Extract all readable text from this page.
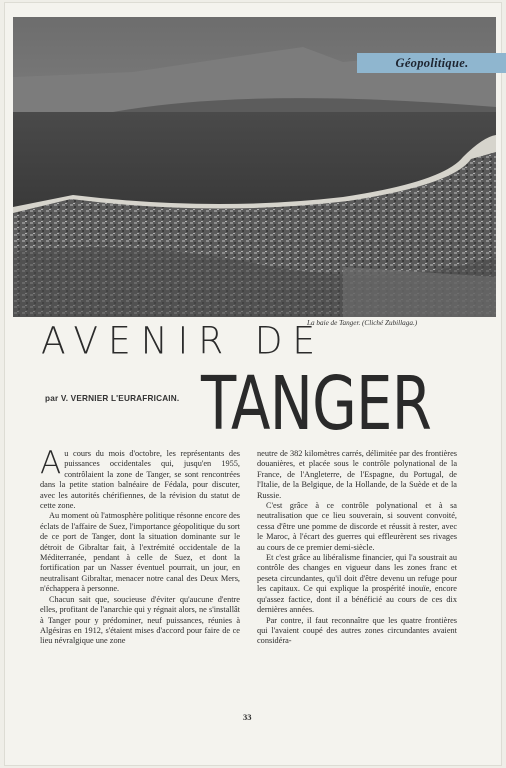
Géopolitique.
La baie de Tanger. (Cliché Zubillaga.)
AVENIR DE
TANGER
par V. VERNIER L'EURAFRICAIN.

Au cours du mois d'octobre, les représentants des puissances occidentales qui, jusqu'en 1955, contrôlaient la zone de Tanger, se sont rencontrées dans la petite station balnéaire de Fédala, pour discuter, avec les autorités chérifiennes, de la révision du statut de cette zone.

Au moment où l'atmosphère politique résonne encore des éclats de l'affaire de Suez, l'importance géopolitique du sort de ce port de Tanger, dont la situation dominante sur le détroit de Gibraltar fait, à l'extrémité occidentale de la Méditerranée, pendant à celle de Suez, et dont la fortification par un Nasser éventuel pourrait, un jour, en neutralisant Gibraltar, menacer notre canal des Deux Mers, n'échappera à personne.

Chacun sait que, soucieuse d'éviter qu'aucune d'entre elles, profitant de l'anarchie qui y régnait alors, ne s'installât à Tanger pour y prédominer, neuf puissances, réunies à Algésiras en 1912, s'étaient mises d'accord pour faire de ce lieu névralgique une zone

neutre de 382 kilomètres carrés, délimitée par des frontières douanières, et placée sous le contrôle polynational de la France, de l'Angleterre, de l'Espagne, du Portugal, de l'Italie, de la Belgique, de la Hollande, de la Suède et de la Russie.

C'est grâce à ce contrôle polynational et à sa neutralisation que ce lieu souverain, si souvent convoité, cessa d'être une pomme de discorde et réussit à rester, avec le Maroc, à l'écart des guerres qui effleurèrent ses rivages au cours de ce premier demi-siècle.

Et c'est grâce au libéralisme financier, qui l'a soustrait au contrôle des changes en vigueur dans les zones franc et peseta circundantes, qu'il doit d'être devenu un refuge pour les capitaux. Ce qui explique la prospérité inouïe, encore qu'assez factice, dont il a bénéficié au cours de ces dix dernières années.

Par contre, il faut reconnaître que les quatre frontières qui l'avaient coupé des autres zones circundantes avaient considéra-

33
